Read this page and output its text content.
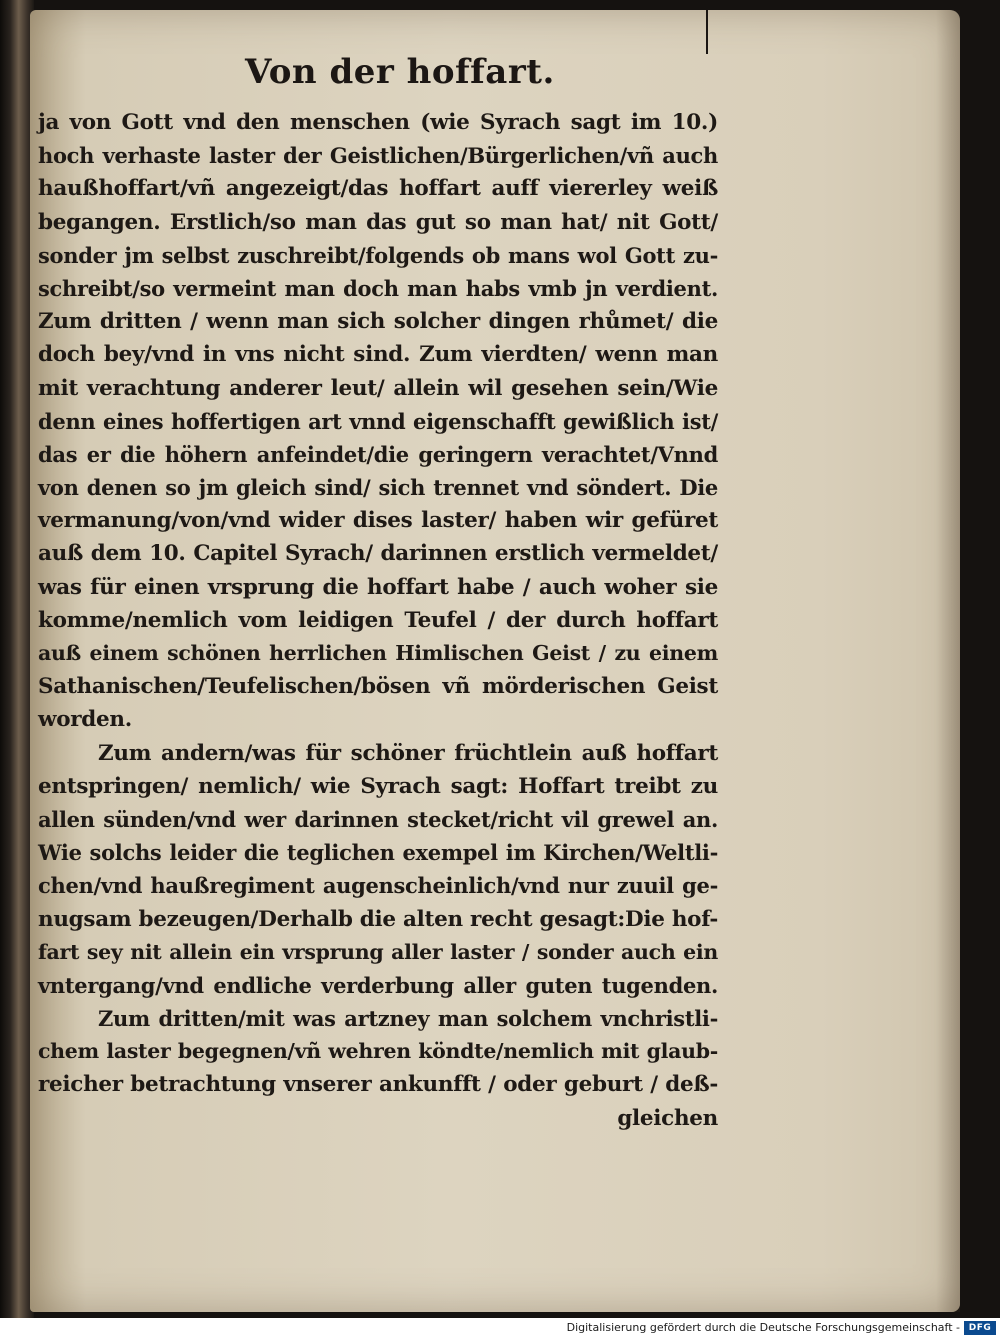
Von der hoffart.
ja von Gott vnd den menschen (wie Syrach sagt im 10.)
hoch verhaste laster der Geistlichen/Bürgerlichen/vñ auch
haußhoffart/vñ angezeigt/das hoffart auff viererley weiß
begangen. Erstlich/so man das gut so man hat/ nit Gott/
sonder jm selbst zuschreibt/folgends ob mans wol Gott zu-
schreibt/so vermeint man doch man habs vmb jn verdient.
Zum dritten / wenn man sich solcher dingen rhůmet/ die
doch bey/vnd in vns nicht sind. Zum vierdten/ wenn man
mit verachtung anderer leut/ allein wil gesehen sein/Wie
denn eines hoffertigen art vnnd eigenschafft gewißlich ist/
das er die höhern anfeindet/die geringern verachtet/Vnnd
von denen so jm gleich sind/ sich trennet vnd söndert. Die
vermanung/von/vnd wider dises laster/ haben wir gefüret
auß dem 10. Capitel Syrach/ darinnen erstlich vermeldet/
was für einen vrsprung die hoffart habe / auch woher sie
komme/nemlich vom leidigen Teufel / der durch hoffart
auß einem schönen herrlichen Himlischen Geist / zu einem
Sathanischen/Teufelischen/bösen vñ mörderischen Geist
worden.
Zum andern/was für schöner früchtlein auß hoffart
entspringen/ nemlich/ wie Syrach sagt: Hoffart treibt zu
allen sünden/vnd wer darinnen stecket/richt vil grewel an.
Wie solchs leider die teglichen exempel im Kirchen/Weltli-
chen/vnd haußregiment augenscheinlich/vnd nur zuuil ge-
nugsam bezeugen/Derhalb die alten recht gesagt:Die hof-
fart sey nit allein ein vrsprung aller laster / sonder auch ein
vntergang/vnd endliche verderbung aller guten tugenden.
Zum dritten/mit was artzney man solchem vnchristli-
chem laster begegnen/vñ wehren köndte/nemlich mit glaub-
reicher betrachtung vnserer ankunfft / oder geburt / deß-
gleichen
Digitalisierung gefördert durch die Deutsche Forschungsgemeinschaft - DFG
